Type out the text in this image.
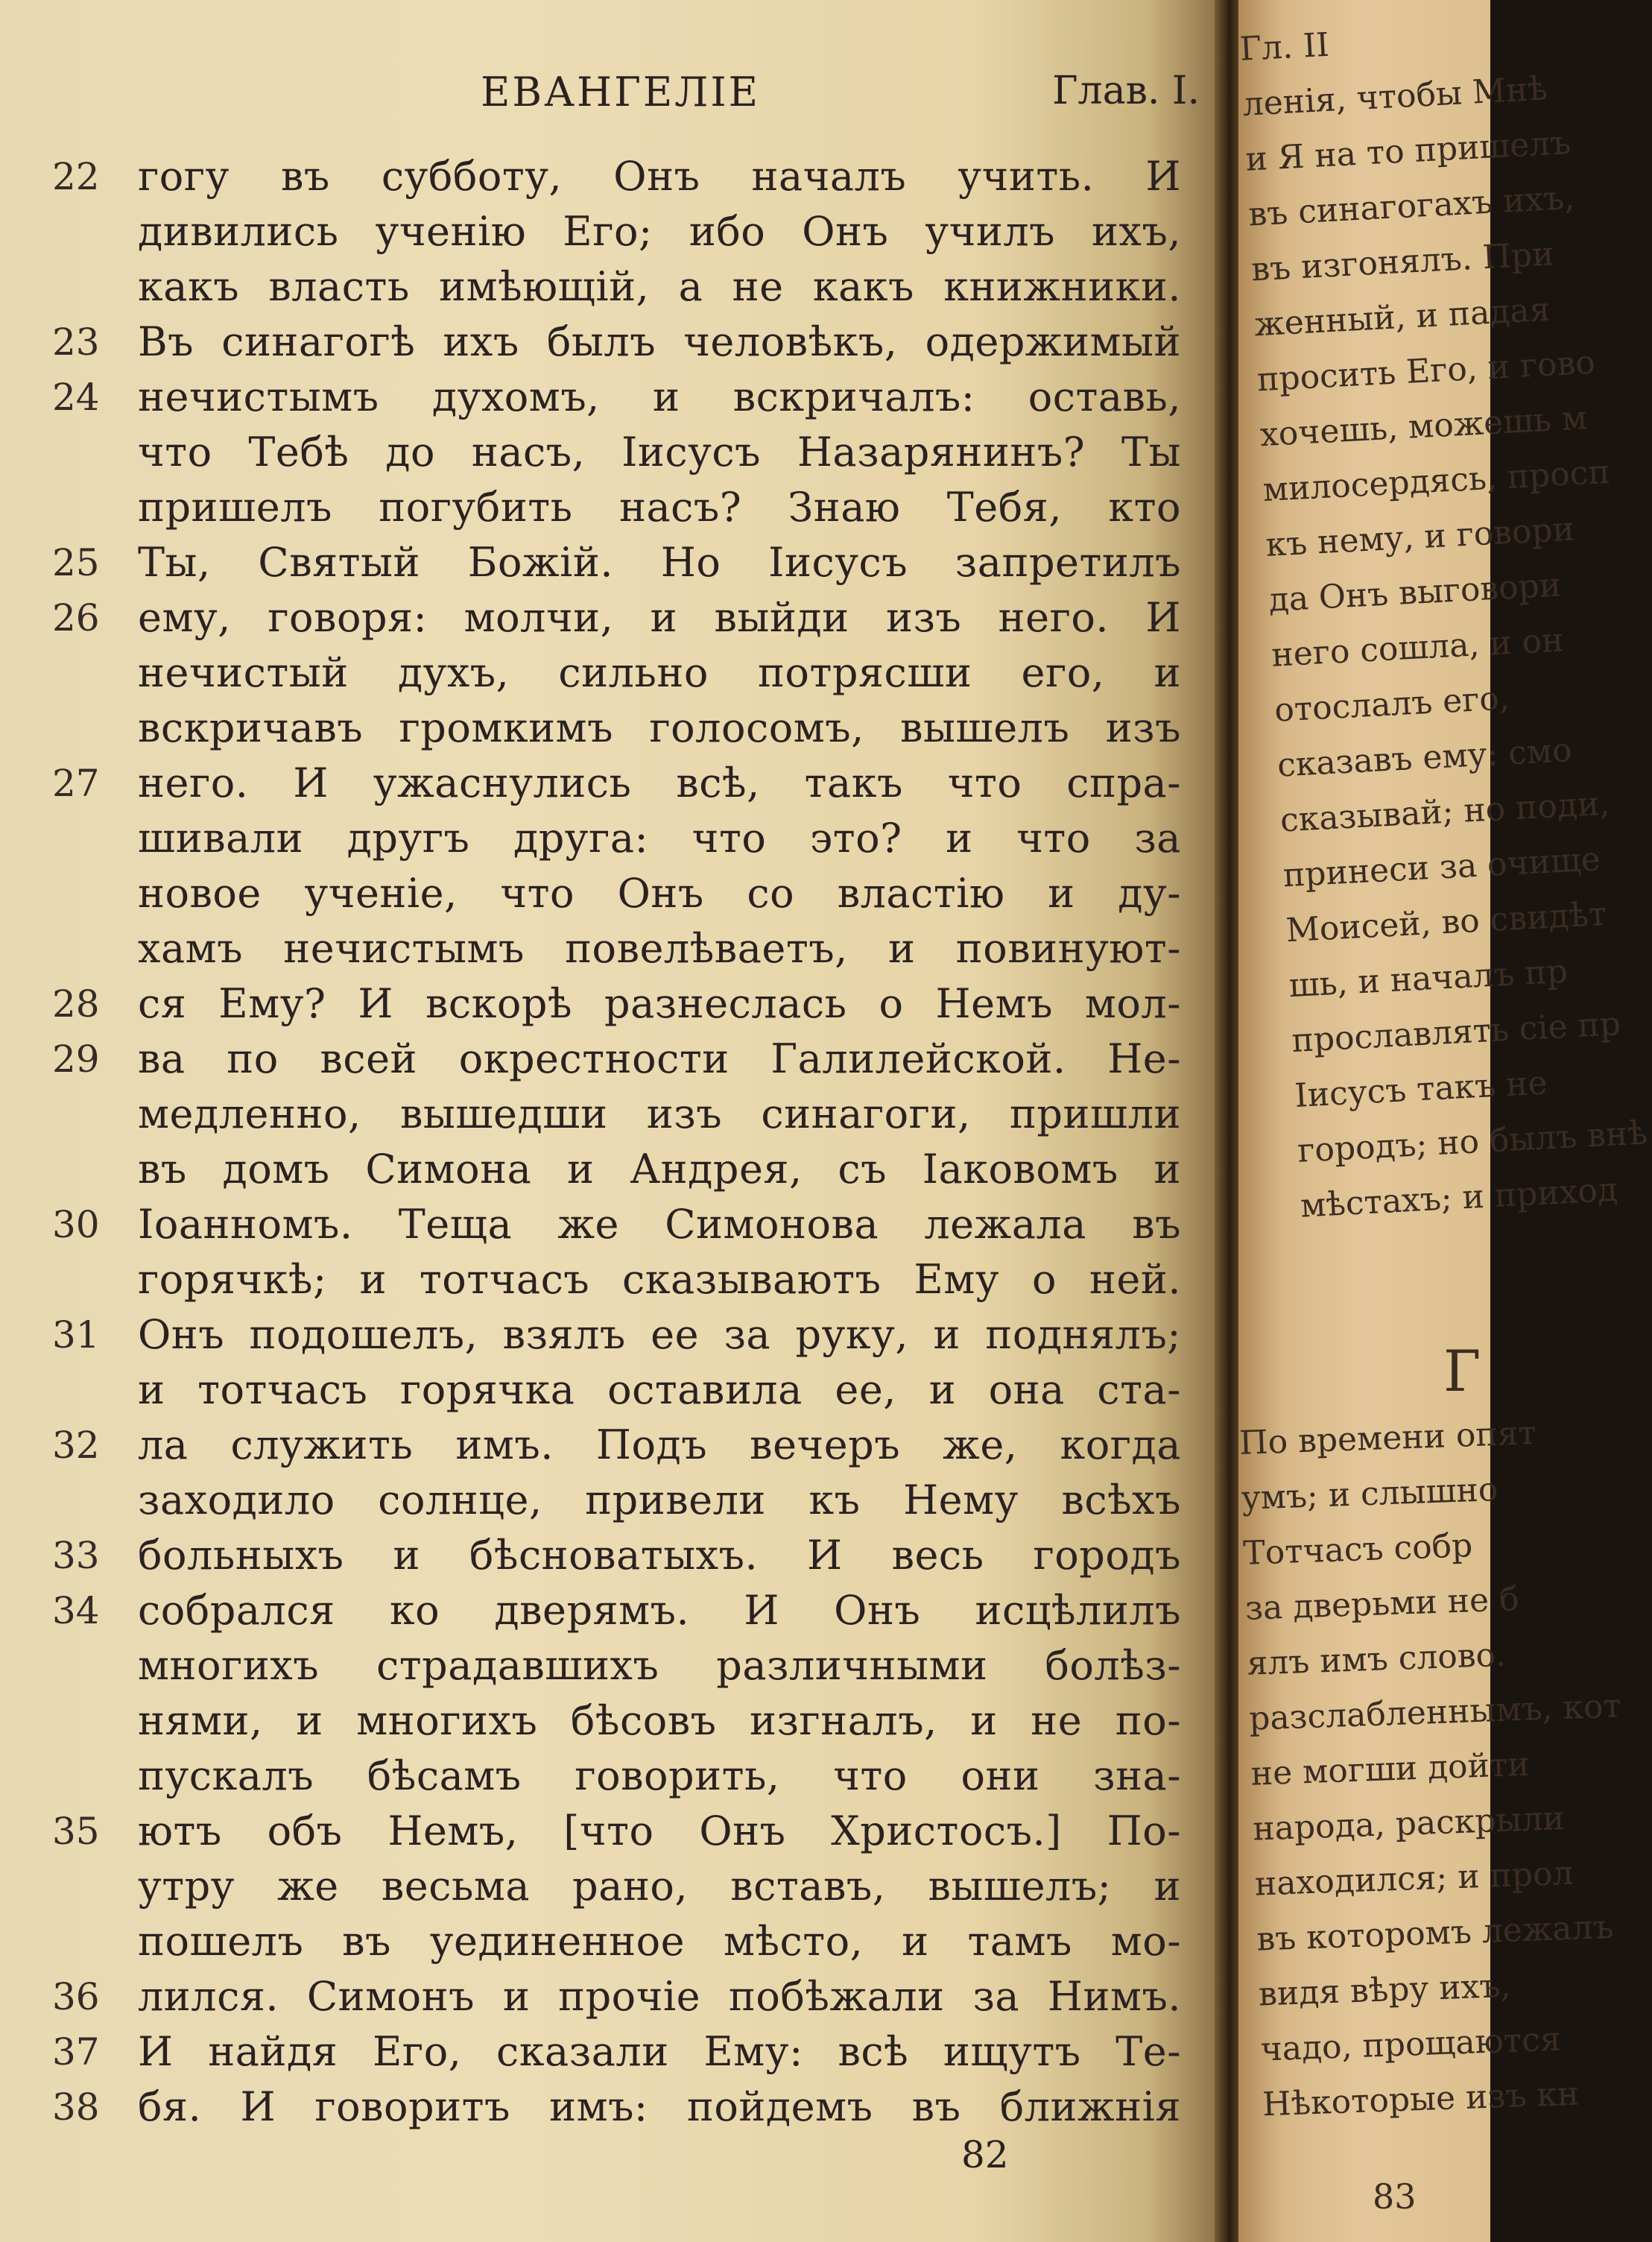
ЕВАНГЕЛІЕ	Глав. I.
22 гогу въ субботу, Онъ началъ учить. И
дивились ученію Его; ибо Онъ училъ ихъ,
какъ власть имѣющій, а не какъ книжники.
23 Въ синагогѣ ихъ былъ человѣкъ, одержимый
24 нечистымъ духомъ, и вскричалъ: оставь,
что Тебѣ до насъ, Іисусъ Назарянинъ? Ты
пришелъ погубить насъ? Знаю Тебя, кто
25 Ты, Святый Божій. Но Іисусъ запретилъ
26 ему, говоря: молчи, и выйди изъ него. И
нечистый духъ, сильно потрясши его, и
вскричавъ громкимъ голосомъ, вышелъ изъ
27 него. И ужаснулись всѣ, такъ что спра-
шивали другъ друга: что это? и что за
новое ученіе, что Онъ со властію и ду-
хамъ нечистымъ повелѣваетъ, и повинуют-
28 ся Ему? И вскорѣ разнеслась о Немъ мол-
29 ва по всей окрестности Галилейской. Не-
медленно, вышедши изъ синагоги, пришли
въ домъ Симона и Андрея, съ Іаковомъ и
30 Іоанномъ. Теща же Симонова лежала въ
горячкѣ; и тотчасъ сказываютъ Ему о ней.
31 Онъ подошелъ, взялъ ее за руку, и поднялъ;
и тотчасъ горячка оставила ее, и она ста-
32 ла служить имъ. Подъ вечеръ же, когда
заходило солнце, привели къ Нему всѣхъ
33 больныхъ и бѣсноватыхъ. И весь городъ
34 собрался ко дверямъ. И Онъ исцѣлилъ
многихъ страдавшихъ различными болѣз-
нями, и многихъ бѣсовъ изгналъ, и не по-
пускалъ бѣсамъ говорить, что они зна-
35 ютъ объ Немъ, [что Онъ Христосъ.] По-
утру же весьма рано, вставъ, вышелъ; и
пошелъ въ уединенное мѣсто, и тамъ мо-
36 лился. Симонъ и прочіе побѣжали за Нимъ.
37 И найдя Его, сказали Ему: всѣ ищутъ Те-
38 бя. И говоритъ имъ: пойдемъ въ ближнія
82
Гл. II
ленія, чтобы Мнѣ
и Я на то пришелъ
въ синагогахъ ихъ,
въ изгонялъ. При
женный, и падая
просить Его, и гово
хочешь, можешь м
милосердясь, просп
къ нему, и говори
да Онъ выговори
него сошла, и он
отослалъ его,
сказавъ ему: смо
сказывай; но поди,
принеси за очище
Моисей, во свидѣт
шь, и началъ пр
прославлять сіе пр
Іисусъ такъ не
городъ; но былъ внѣ
мѣстахъ; и приход
Г
По времени опят
умъ; и слышно
Тотчасъ собр
за дверьми не б
ялъ имъ слово.
разслабленнымъ, кот
не могши дойти
народа, раскрыли
находился; и прол
въ которомъ лежалъ
видя вѣру ихъ,
чадо, прощаются
Нѣкоторые изъ кн
83
